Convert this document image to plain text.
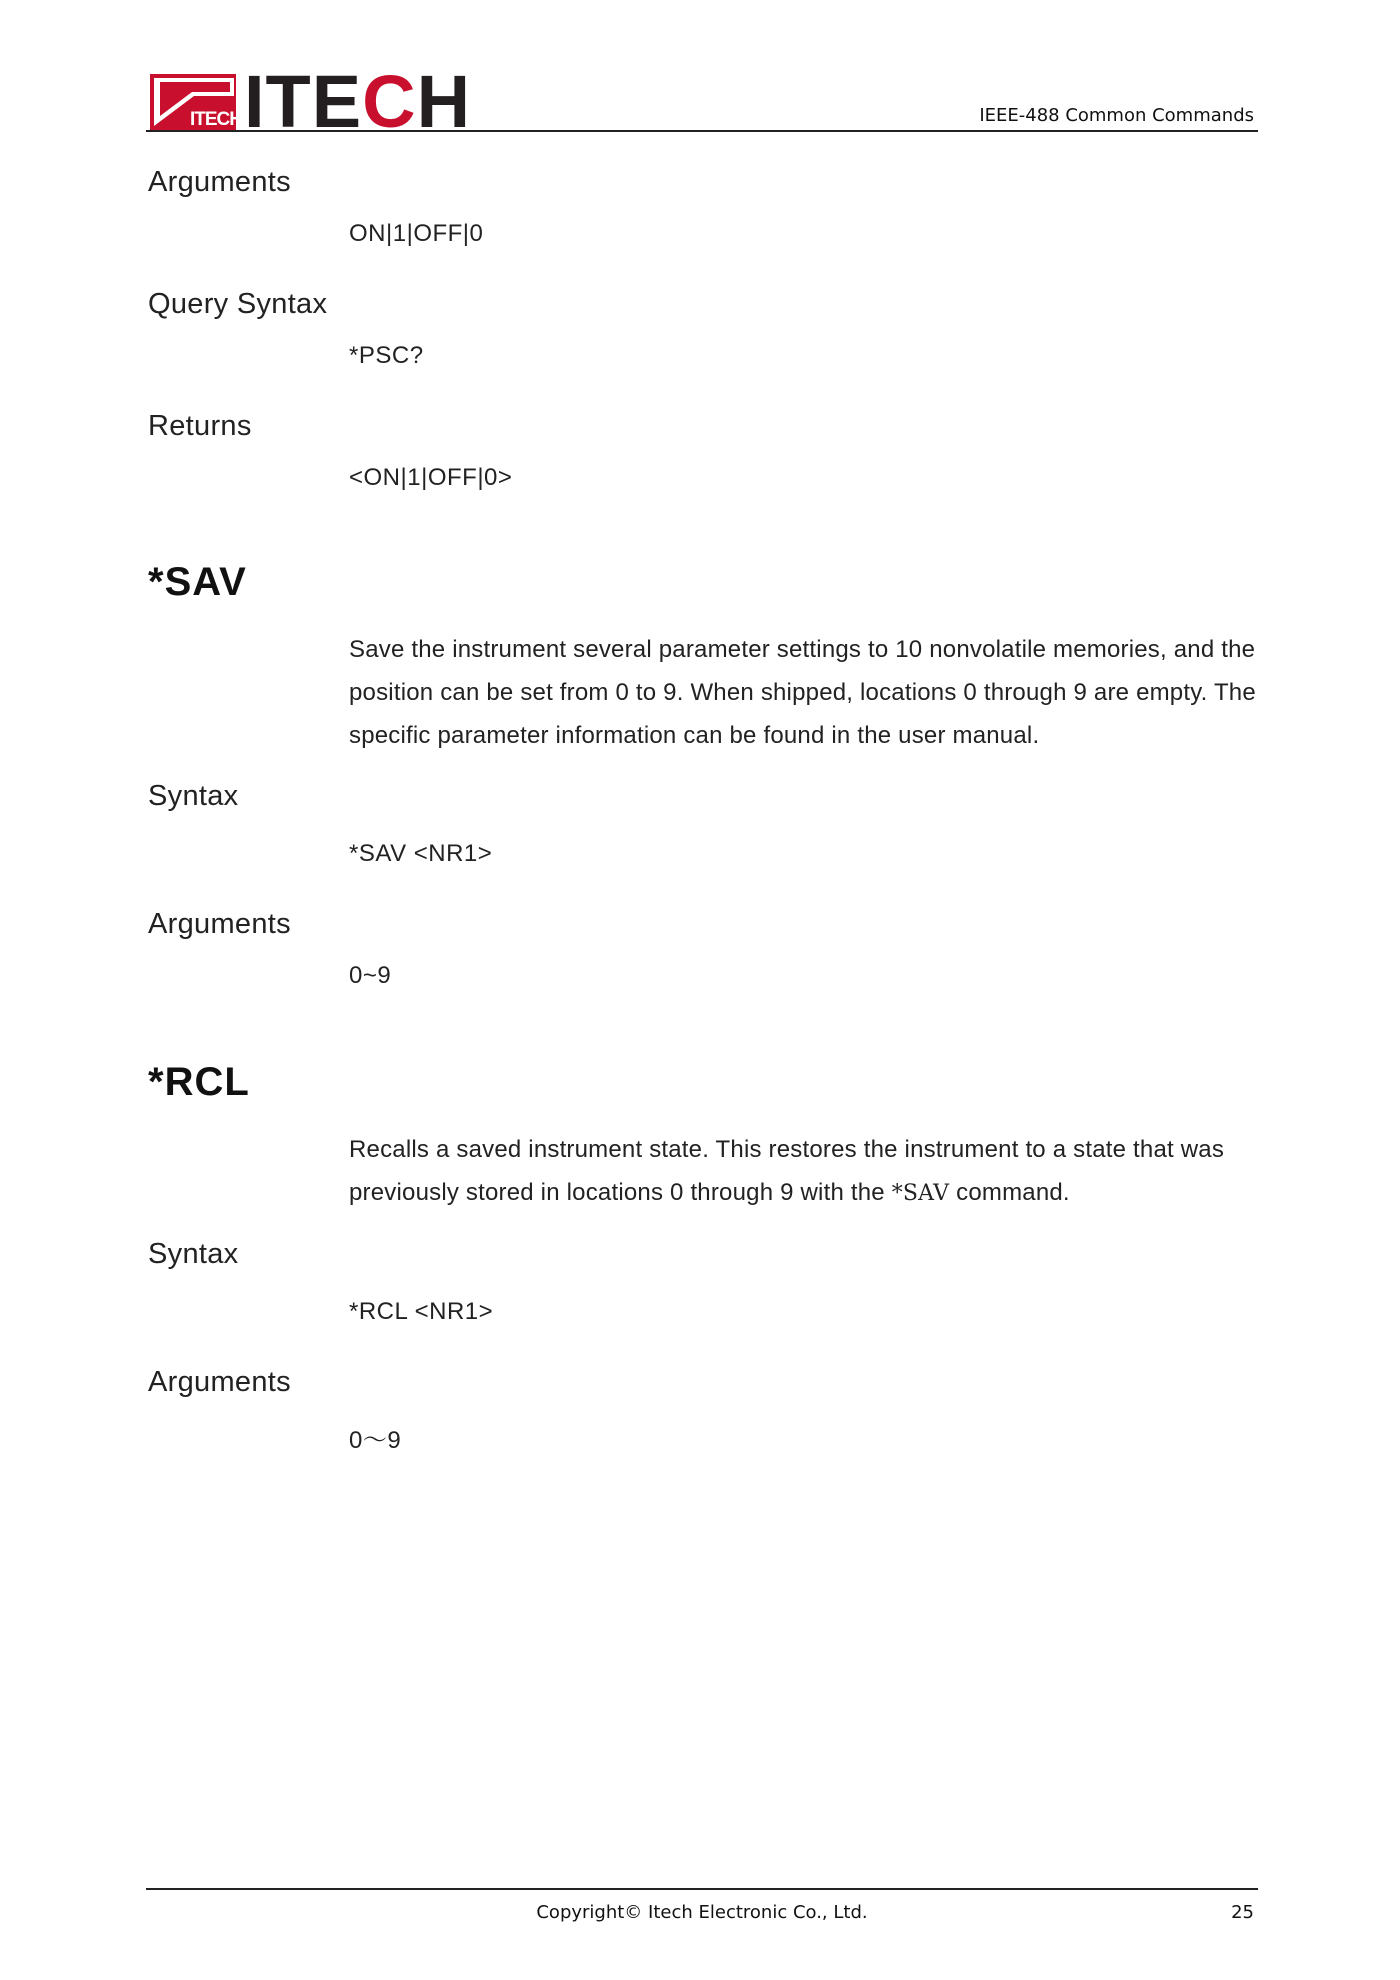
ITECH ITECH	IEEE-488 Common Commands
Arguments
ON|1|OFF|0
Query Syntax
*PSC?
Returns
<ON|1|OFF|0>
*SAV
Save the instrument several parameter settings to 10 nonvolatile memories, and the position can be set from 0 to 9. When shipped, locations 0 through 9 are empty. The specific parameter information can be found in the user manual.
Syntax
*SAV <NR1>
Arguments
0~9
*RCL
Recalls a saved instrument state. This restores the instrument to a state that was previously stored in locations 0 through 9 with the *SAV command.
Syntax
*RCL <NR1>
Arguments
0～9
Copyright© Itech Electronic Co., Ltd.	25
